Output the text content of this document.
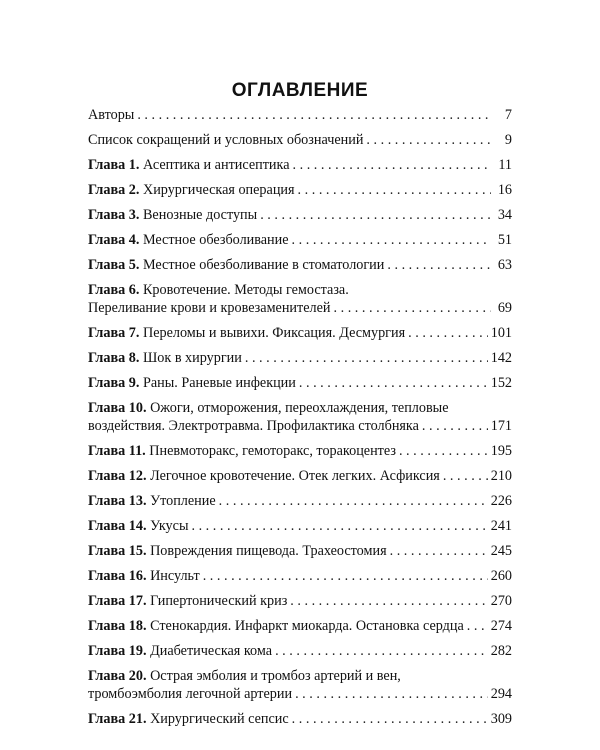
ОГЛАВЛЕНИЕ
Авторы . . .	7
Список сокращений и условных обозначений . . .	9
Глава 1. Асептика и антисептика . . .	11
Глава 2. Хирургическая операция . . .	16
Глава 3. Венозные доступы . . .	34
Глава 4. Местное обезболивание . . .	51
Глава 5. Местное обезболивание в стоматологии . . .	63
Глава 6. Кровотечение. Методы гемостаза.
Переливание крови и кровезаменителей . . .	69
Глава 7. Переломы и вывихи. Фиксация. Десмургия . . .	101
Глава 8. Шок в хирургии . . .	142
Глава 9. Раны. Раневые инфекции . . .	152
Глава 10. Ожоги, отморожения, переохлаждения, тепловые
воздействия. Электротравма. Профилактика столбняка . . .	171
Глава 11. Пневмоторакс, гемоторакс, торакоцентез . . .	195
Глава 12. Легочное кровотечение. Отек легких. Асфиксия . . .	210
Глава 13. Утопление . . .	226
Глава 14. Укусы . . .	241
Глава 15. Повреждения пищевода. Трахеостомия . . .	245
Глава 16. Инсульт . . .	260
Глава 17. Гипертонический криз . . .	270
Глава 18. Стенокардия. Инфаркт миокарда. Остановка сердца . . . 274
Глава 19. Диабетическая кома . . .	282
Глава 20. Острая эмболия и тромбоз артерий и вен,
тромбоэмболия легочной артерии . . .	294
Глава 21. Хирургический сепсис . . .	309
